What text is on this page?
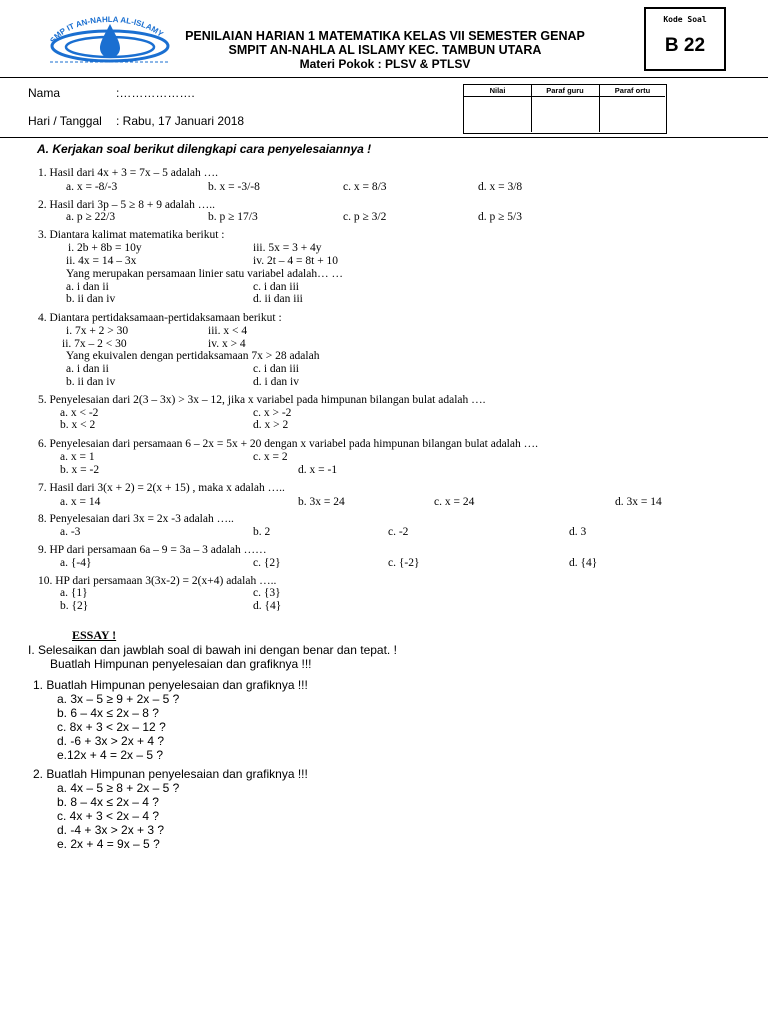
SMP IT AN-NAHLA AL-ISLAMY	PENILAIAN HARIAN 1 MATEMATIKA KELAS VII SEMESTER GENAP
SMPIT AN-NAHLA AL ISLAMY KEC. TAMBUN UTARA
Materi Pokok : PLSV & PTLSV
Kode Soal
B 22
Nama	:……………….
Hari / Tanggal : Rabu, 17 Januari 2018
Nilai	Paraf guru	Paraf ortu
A. Kerjakan soal berikut dilengkapi cara penyelesaiannya !
1. Hasil dari 4x + 3 = 7x – 5 adalah ….
a. x = -8/-3	b. x = -3/-8	c. x = 8/3	d. x = 3/8
2. Hasil dari 3p – 5 ≥ 8 + 9 adalah …..
a. p ≥ 22/3	b. p ≥ 17/3	c. p ≥ 3/2	d. p ≥ 5/3
3. Diantara kalimat matematika berikut :
i. 2b + 8b = 10y	iii. 5x = 3 + 4y
ii. 4x = 14 – 3x	iv. 2t – 4 = 8t + 10
Yang merupakan persamaan linier satu variabel adalah… …
a. i dan ii	c. i dan iii
b. ii dan iv	d. ii dan iii
4. Diantara pertidaksamaan-pertidaksamaan berikut :
i. 7x + 2 > 30	iii. x < 4
ii. 7x – 2 < 30	iv. x > 4
Yang ekuivalen dengan pertidaksamaan 7x > 28 adalah
a. i dan ii	c. i dan iii
b. ii dan iv	d. i dan iv
5. Penyelesaian dari 2(3 – 3x) > 3x – 12, jika x variabel pada himpunan bilangan bulat adalah ….
a. x < -2	c. x > -2
b. x < 2	d. x > 2
6. Penyelesaian dari persamaan 6 – 2x = 5x + 20 dengan x variabel pada himpunan bilangan bulat adalah ….
a. x = 1	c. x = 2
b. x = -2	d. x = -1
7. Hasil dari 3(x + 2) = 2(x + 15) , maka x adalah …..
a. x = 14	b. 3x = 24	c. x = 24	d. 3x = 14
8. Penyelesaian dari 3x = 2x -3 adalah …..
a. -3	b. 2	c. -2	d. 3
9. HP dari persamaan 6a – 9 = 3a – 3 adalah ……
a. {-4}	c. {2}	c. {-2}	d. {4}
10. HP dari persamaan 3(3x-2) = 2(x+4) adalah …..
a. {1}	c. {3}
b. {2}	d. {4}
I. Selesaikan dan jawblah soal di bawah ini dengan benar dan tepat. !
Buatlah Himpunan penyelesaian dan grafiknya !!!
1. Buatlah Himpunan penyelesaian dan grafiknya !!!
a. 3x – 5 ≥ 9 + 2x – 5 ?
b. 6 – 4x ≤ 2x – 8 ?
c. 8x + 3 < 2x – 12 ?
d. -6 + 3x > 2x + 4 ?
e.12x + 4 = 2x – 5 ?
2. Buatlah Himpunan penyelesaian dan grafiknya !!!
a. 4x – 5 ≥ 8 + 2x – 5 ?
b. 8 – 4x ≤ 2x – 4 ?
c. 4x + 3 < 2x – 4 ?
d. -4 + 3x > 2x + 3 ?
e. 2x + 4 = 9x – 5 ?
ESSAY !
